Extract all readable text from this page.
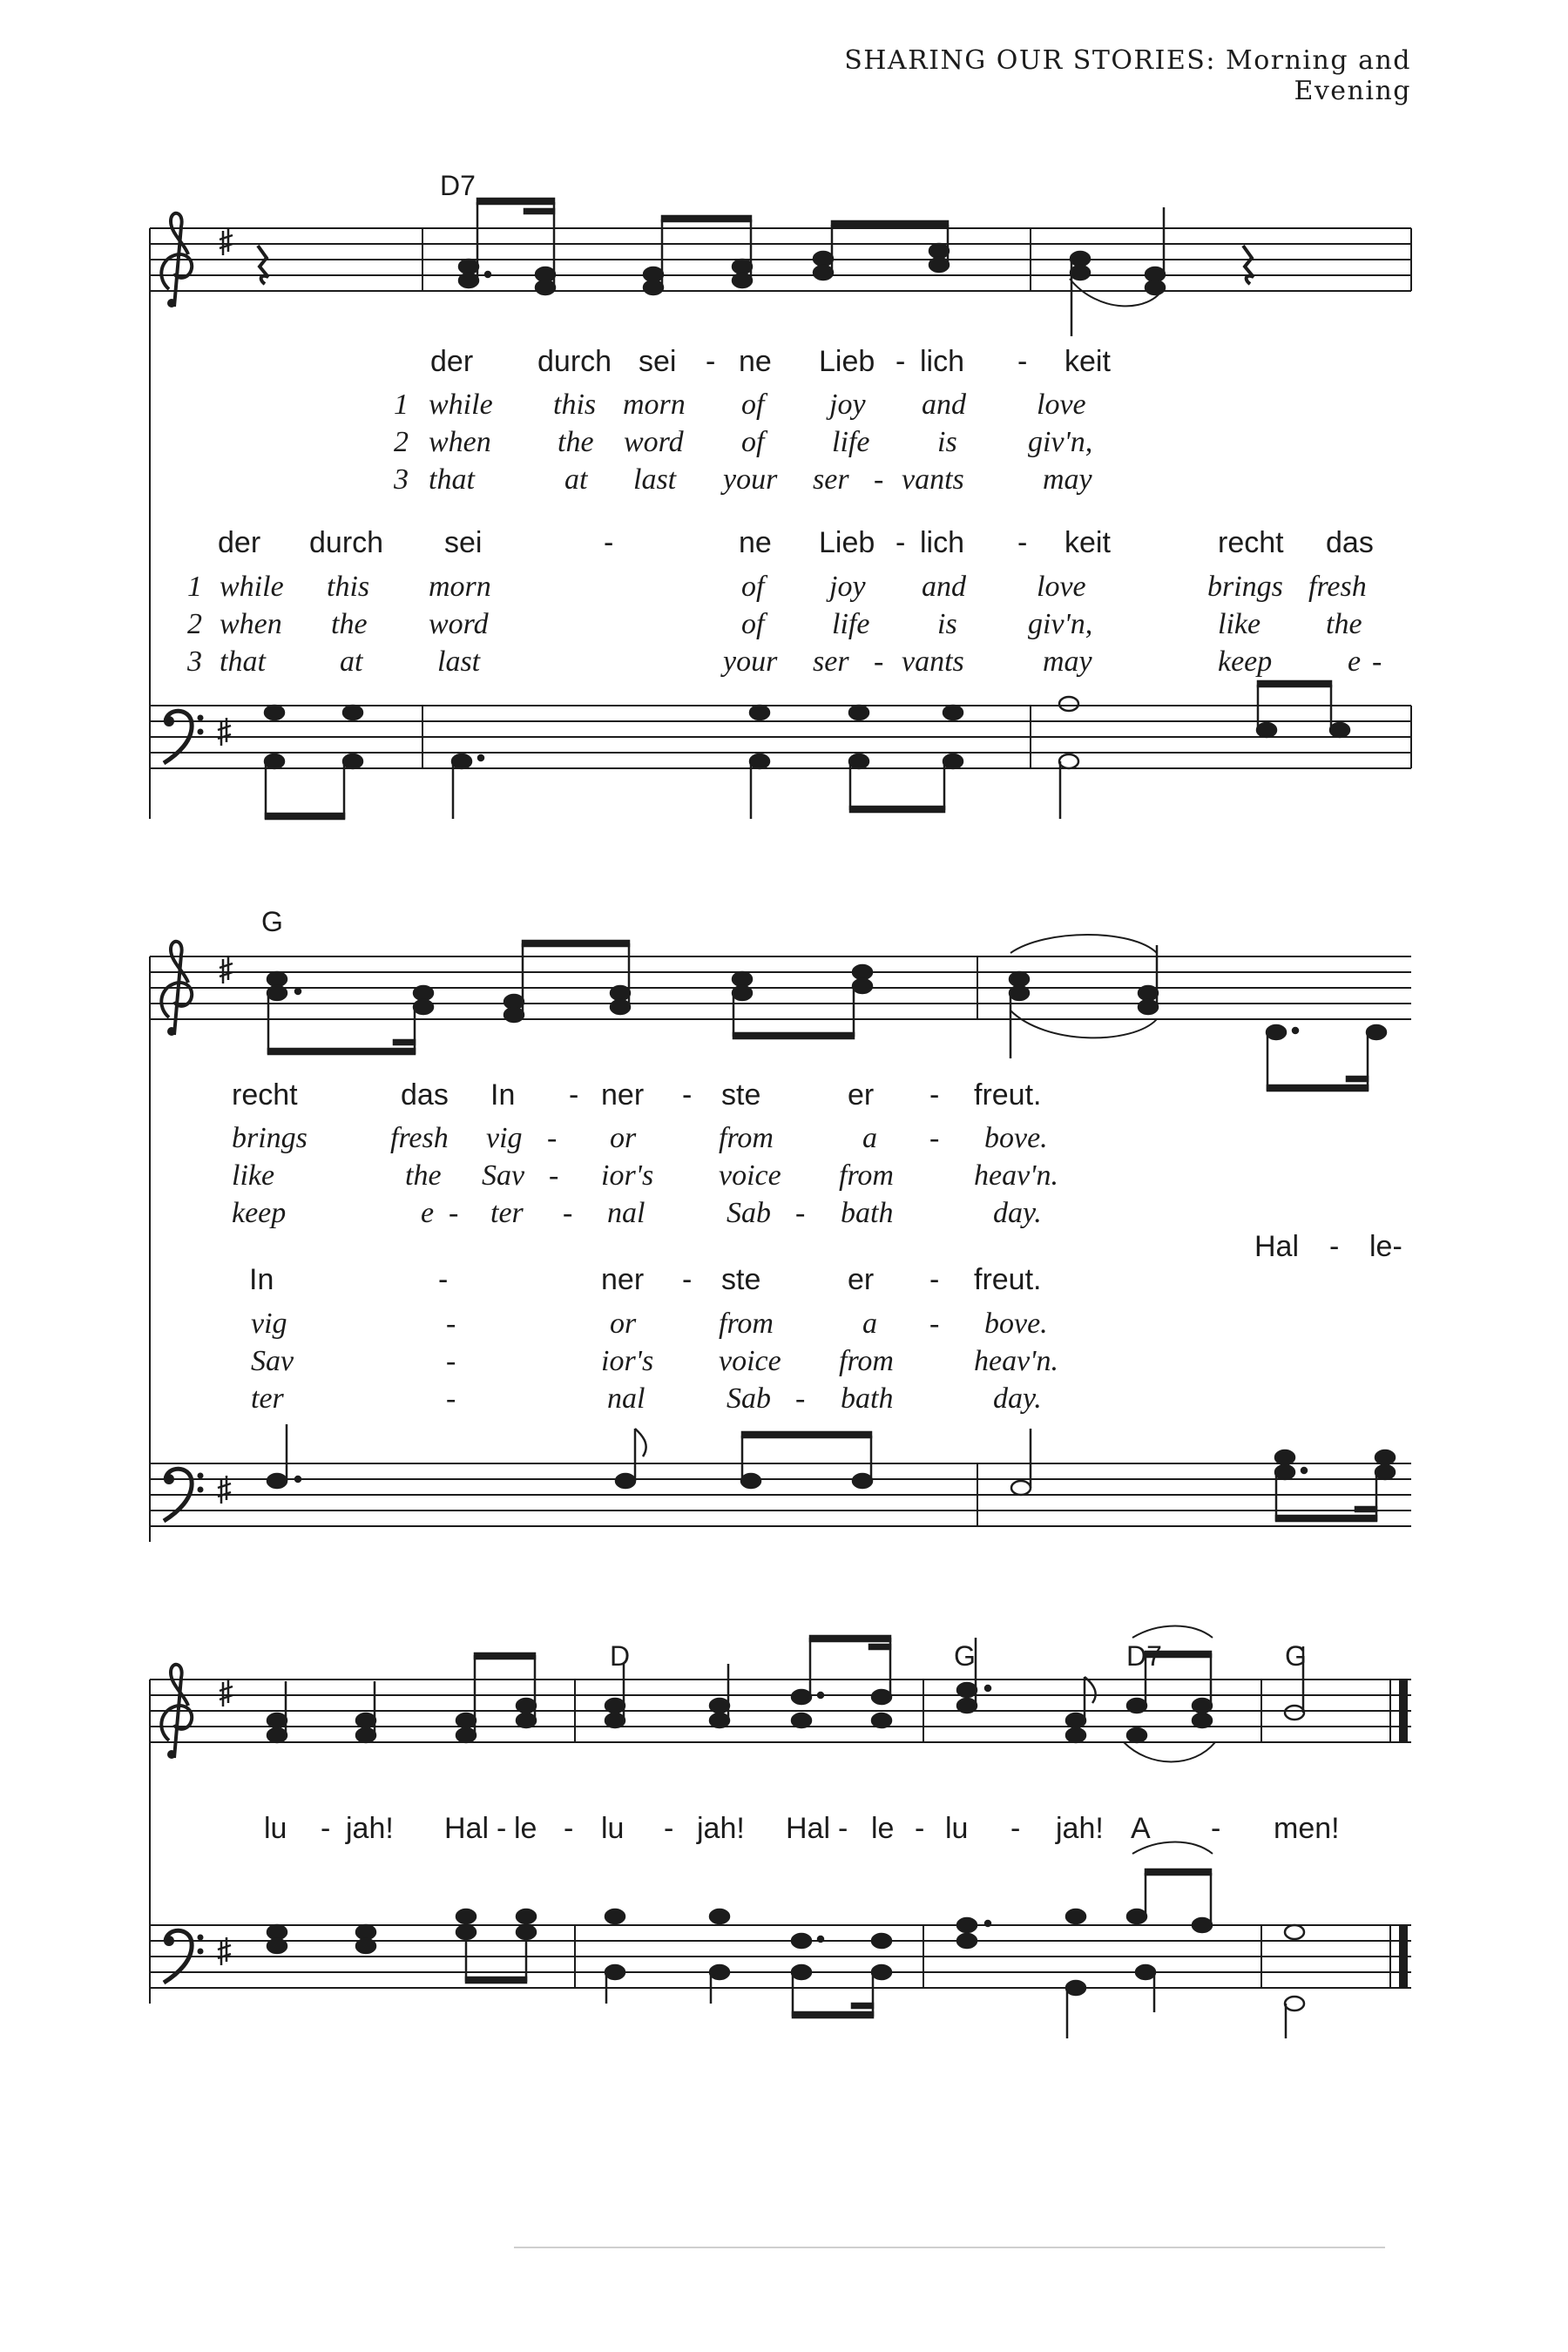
SHARING OUR STORIES: Morning and Evening
D7
G
D	G	D7	G
der durch sei - ne Lieb - lich - keit
1 while this morn of joy and love
2 when the word of life is giv'n,
3 that	at last your ser - vants	may
der durch sei	-	ne Lieb - lich - keit	recht das
1 while this morn	of joy and love	brings fresh
2 when the word	of life is giv'n,	like the
3 that	at	last	your ser - vants	may	keep	e -
recht	das In - ner - ste	er - freut.
brings	fresh vig - or	from	a - bove.
like	the Sav - ior's voice from	heav'n.
keep	e - ter - nal	Sab - bath	day.
Hal - le-
In	-	ner - ste	er - freut.
vig	-	or	from	a - bove.
Sav	-	ior's voice from	heav'n.
ter	-	nal	Sab - bath	day.
lu - jah! Hal - le - lu - jah! Hal - le - lu - jah! A - men!
